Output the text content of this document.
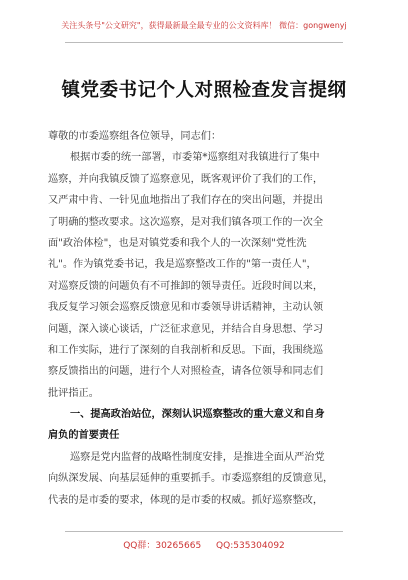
关注头条号"公文研究"，获得最新最全最专业的公文资料库！ 微信：gongwenyj
镇党委书记个人对照检查发言提纲
尊敬的市委巡察组各位领导，同志们：
根据市委的统一部署，市委第*巡察组对我镇进行了集中
巡察，并向我镇反馈了巡察意见，既客观评价了我们的工作，
又严肃中肯、一针见血地指出了我们存在的突出问题，并提出
了明确的整改要求。这次巡察，是对我们镇各项工作的一次全
面"政治体检"，也是对镇党委和我个人的一次深刻"党性洗
礼"。作为镇党委书记，我是巡察整改工作的"第一责任人"，
对巡察反馈的问题负有不可推卸的领导责任。近段时间以来，
我反复学习领会巡察反馈意见和市委领导讲话精神，主动认领
问题，深入谈心谈话，广泛征求意见，并结合自身思想、学习
和工作实际，进行了深刻的自我剖析和反思。下面，我围绕巡
察反馈指出的问题，进行个人对照检查，请各位领导和同志们
批评指正。
一、提高政治站位，深刻认识巡察整改的重大意义和自身
肩负的首要责任
巡察是党内监督的战略性制度安排，是推进全面从严治党
向纵深发展、向基层延伸的重要抓手。市委巡察组的反馈意见，
代表的是市委的要求，体现的是市委的权威。抓好巡察整改，
QQ群：30265665 QQ:535304092
